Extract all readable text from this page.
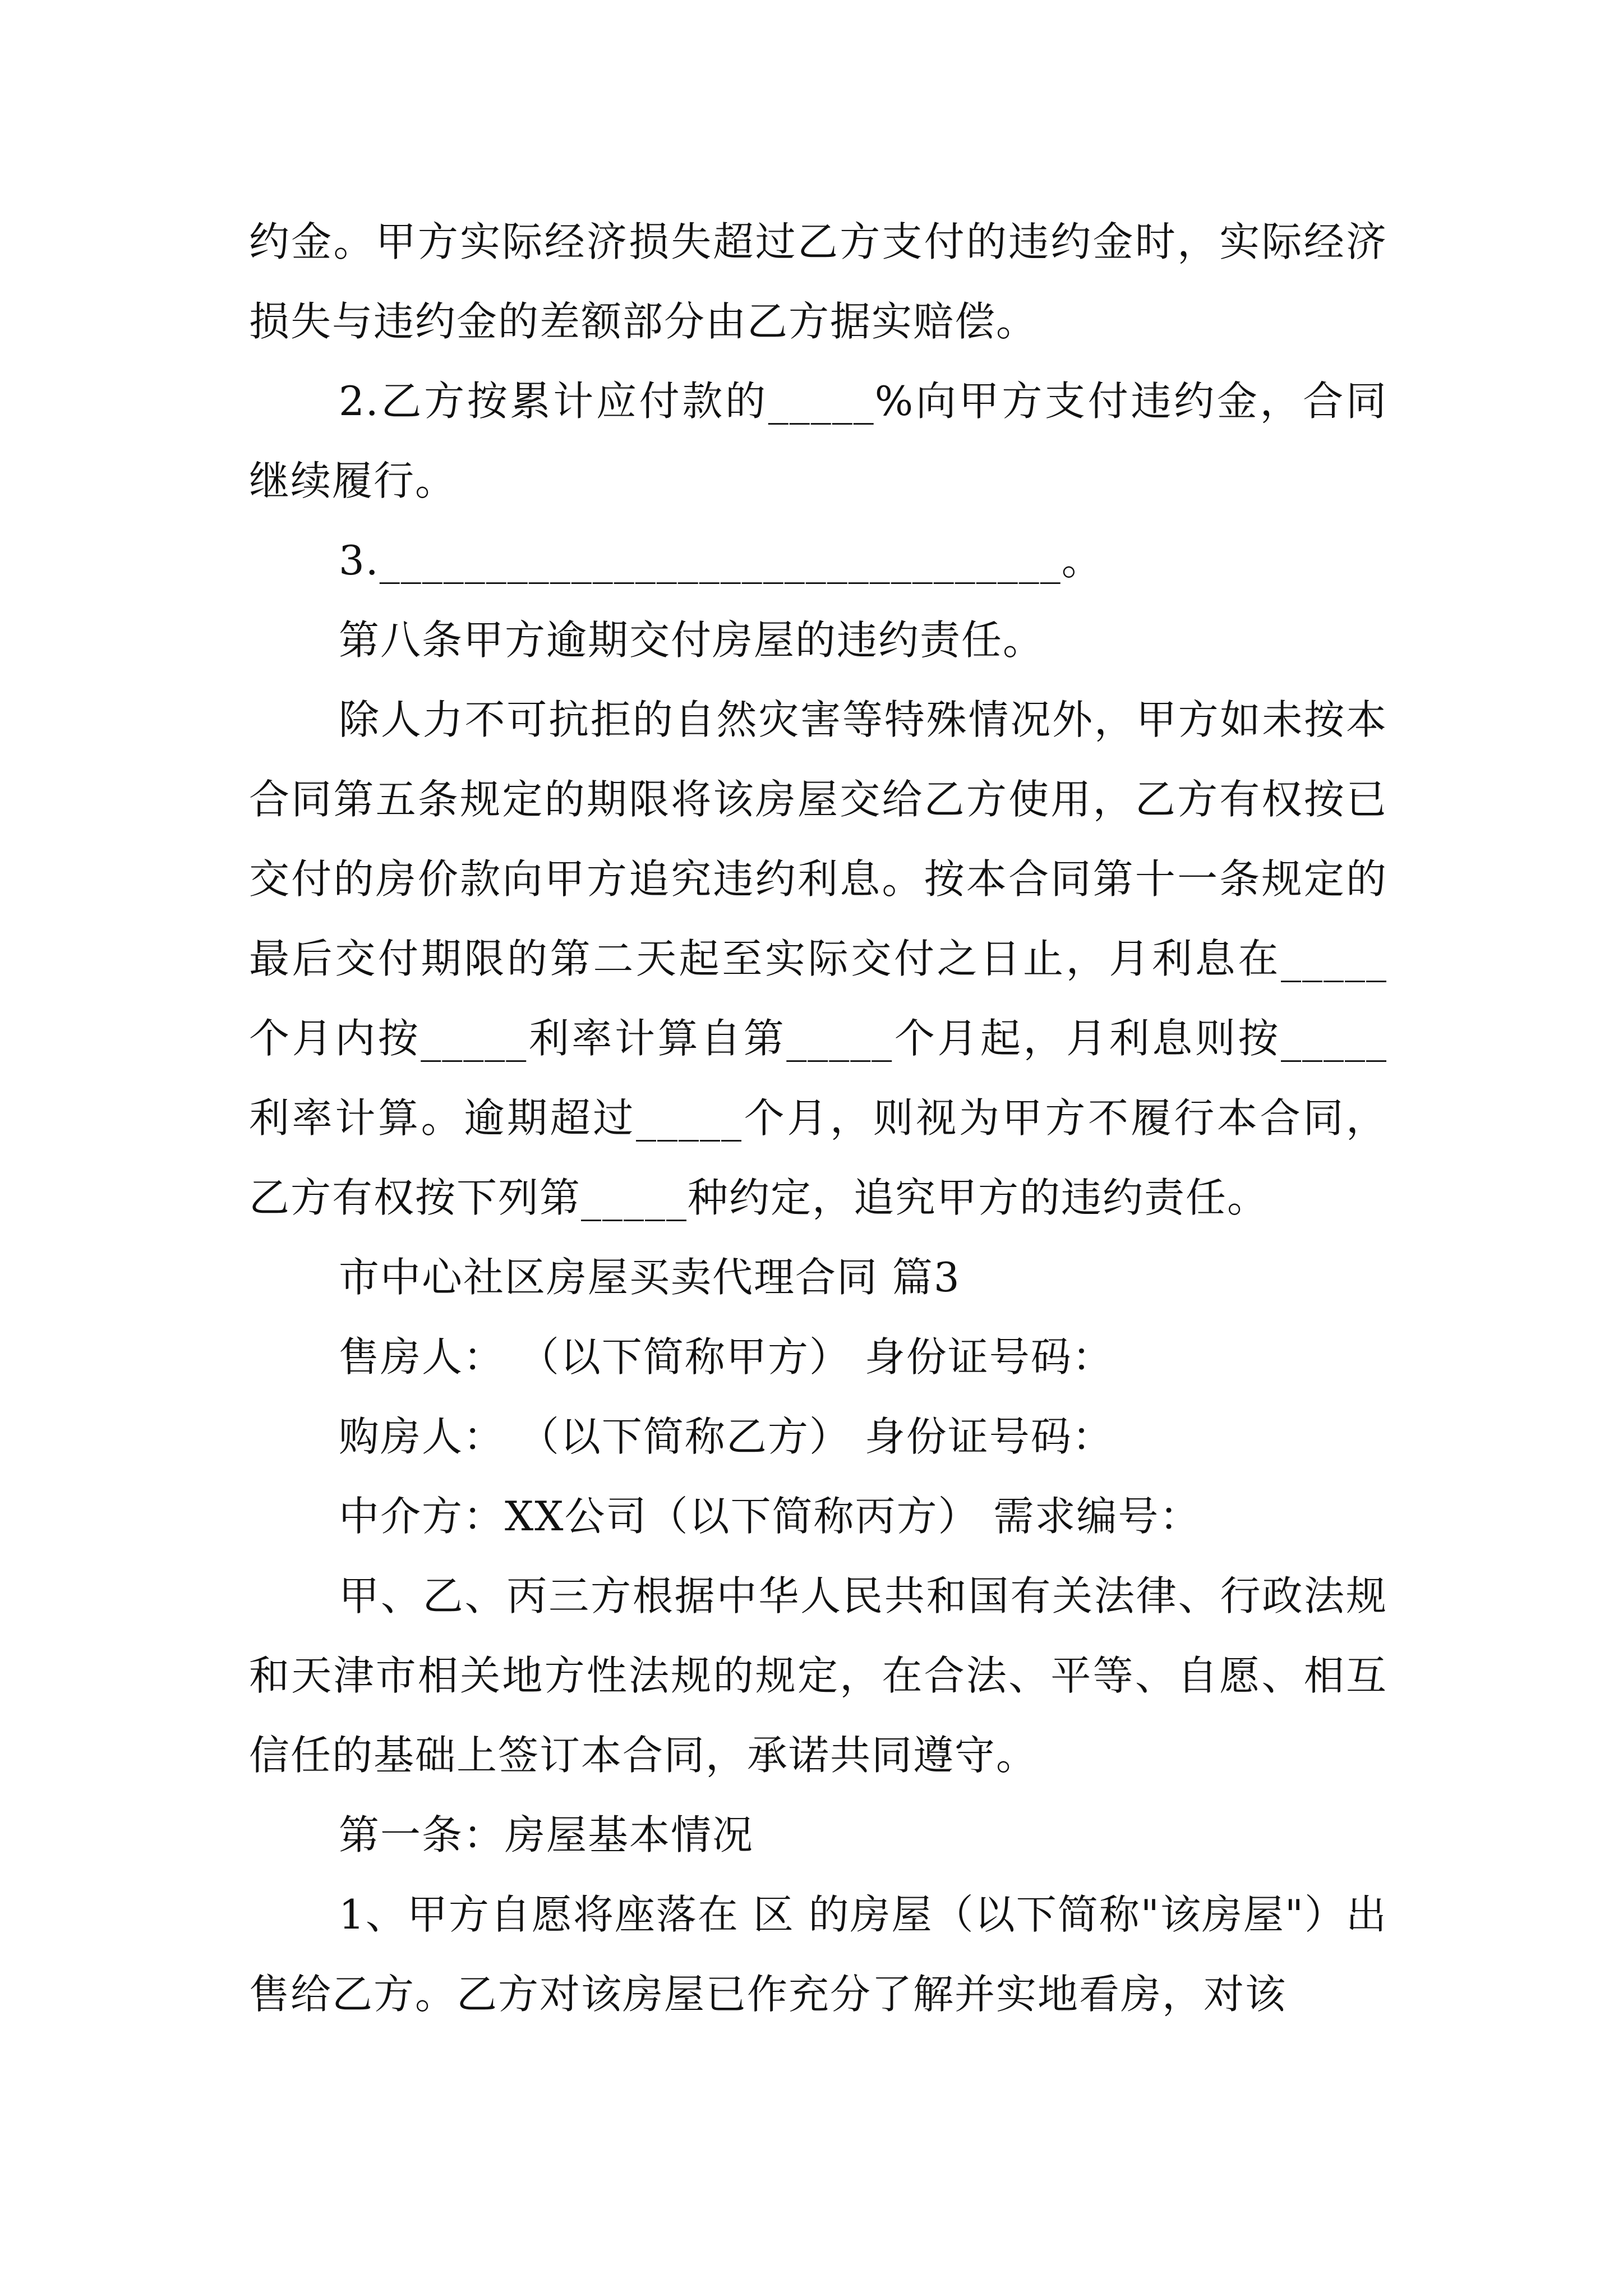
约金。甲方实际经济损失超过乙方支付的违约金时，实际经济损失与违约金的差额部分由乙方据实赔偿。

2.乙方按累计应付款的_____%向甲方支付违约金，合同继续履行。

3.________________________________。

第八条甲方逾期交付房屋的违约责任。

除人力不可抗拒的自然灾害等特殊情况外，甲方如未按本合同第五条规定的期限将该房屋交给乙方使用，乙方有权按已交付的房价款向甲方追究违约利息。按本合同第十一条规定的最后交付期限的第二天起至实际交付之日止，月利息在_____个月内按_____利率计算自第_____个月起，月利息则按_____利率计算。逾期超过_____个月，则视为甲方不履行本合同，乙方有权按下列第_____种约定，追究甲方的违约责任。

市中心社区房屋买卖代理合同 篇3

售房人： （以下简称甲方） 身份证号码：

购房人： （以下简称乙方） 身份证号码：

中介方：XX公司（以下简称丙方） 需求编号：

甲、乙、丙三方根据中华人民共和国有关法律、行政法规和天津市相关地方性法规的规定，在合法、平等、自愿、相互信任的基础上签订本合同，承诺共同遵守。

第一条：房屋基本情况

1、甲方自愿将座落在 区 的房屋（以下简称"该房屋"）出售给乙方。乙方对该房屋已作充分了解并实地看房，对该
